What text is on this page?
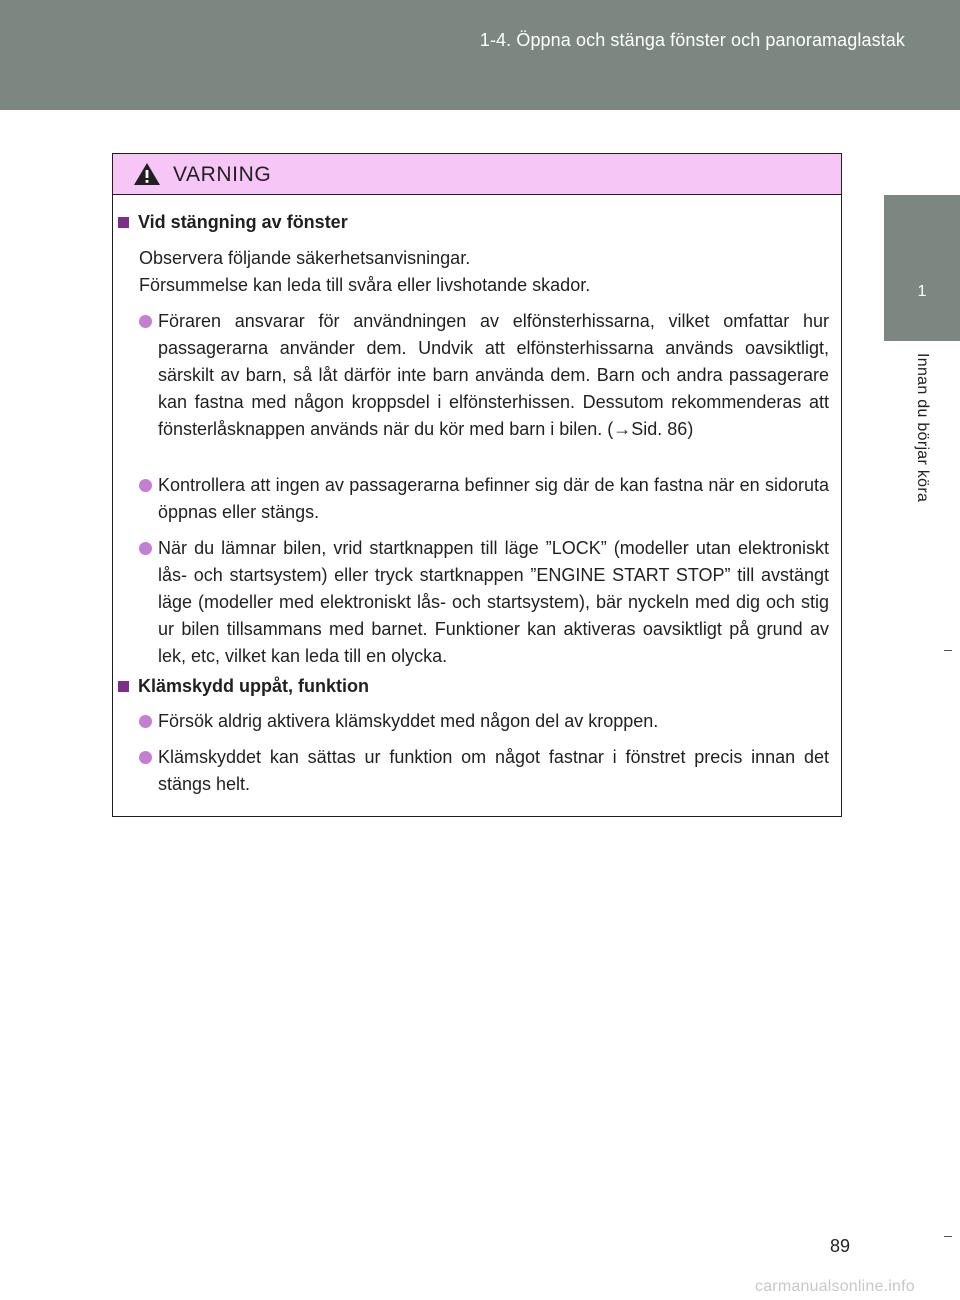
1-4. Öppna och stänga fönster och panoramaglastak
1
Innan du börjar köra
VARNING
Vid stängning av fönster
Observera följande säkerhetsanvisningar.
Försummelse kan leda till svåra eller livshotande skador.
Föraren ansvarar för användningen av elfönsterhissarna, vilket omfattar hur passagerarna använder dem. Undvik att elfönsterhissarna används oavsiktligt, särskilt av barn, så låt därför inte barn använda dem. Barn och andra passagerare kan fastna med någon kroppsdel i elfönsterhissen. Dessutom rekommenderas att fönsterlåsknappen används när du kör med barn i bilen. (→Sid. 86)
Kontrollera att ingen av passagerarna befinner sig där de kan fastna när en sidoruta öppnas eller stängs.
När du lämnar bilen, vrid startknappen till läge ”LOCK” (modeller utan elektroniskt lås- och startsystem) eller tryck startknappen ”ENGINE START STOP” till avstängt läge (modeller med elektroniskt lås- och startsystem), bär nyckeln med dig och stig ur bilen tillsammans med barnet. Funktioner kan aktiveras oavsiktligt på grund av lek, etc, vilket kan leda till en olycka.
Klämskydd uppåt, funktion
Försök aldrig aktivera klämskyddet med någon del av kroppen.
Klämskyddet kan sättas ur funktion om något fastnar i fönstret precis innan det stängs helt.
89
carmanualsonline.info
